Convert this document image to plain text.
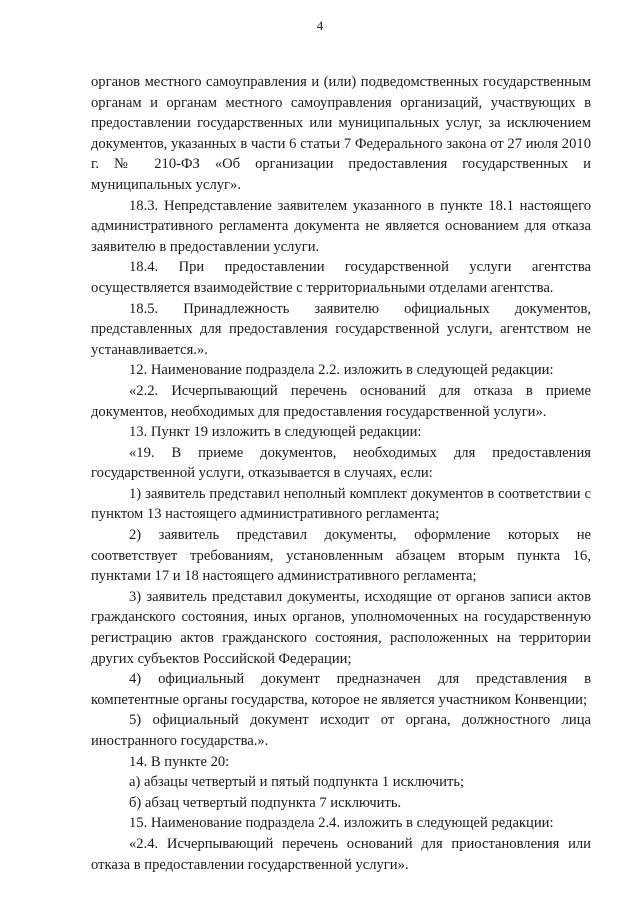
4

органов местного самоуправления и (или) подведомственных государственным органам и органам местного самоуправления организаций, участвующих в предоставлении государственных или муниципальных услуг, за исключением документов, указанных в части 6 статьи 7 Федерального закона от 27 июля 2010 г. № 210-ФЗ «Об организации предоставления государственных и муниципальных услуг».

18.3. Непредставление заявителем указанного в пункте 18.1 настоящего административного регламента документа не является основанием для отказа заявителю в предоставлении услуги.

18.4. При предоставлении государственной услуги агентства осуществляется взаимодействие с территориальными отделами агентства.

18.5. Принадлежность заявителю официальных документов, представленных для предоставления государственной услуги, агентством не устанавливается.».

12. Наименование подраздела 2.2. изложить в следующей редакции:

«2.2. Исчерпывающий перечень оснований для отказа в приеме документов, необходимых для предоставления государственной услуги».

13. Пункт 19 изложить в следующей редакции:

«19. В приеме документов, необходимых для предоставления государственной услуги, отказывается в случаях, если:

1) заявитель представил неполный комплект документов в соответствии с пунктом 13 настоящего административного регламента;

2) заявитель представил документы, оформление которых не соответствует требованиям, установленным абзацем вторым пункта 16, пунктами 17 и 18 настоящего административного регламента;

3) заявитель представил документы, исходящие от органов записи актов гражданского состояния, иных органов, уполномоченных на государственную регистрацию актов гражданского состояния, расположенных на территории других субъектов Российской Федерации;

4) официальный документ предназначен для представления в компетентные органы государства, которое не является участником Конвенции;

5) официальный документ исходит от органа, должностного лица иностранного государства.».

14. В пункте 20:

а) абзацы четвертый и пятый подпункта 1 исключить;

б) абзац четвертый подпункта 7 исключить.

15. Наименование подраздела 2.4. изложить в следующей редакции:

«2.4. Исчерпывающий перечень оснований для приостановления или отказа в предоставлении государственной услуги».
